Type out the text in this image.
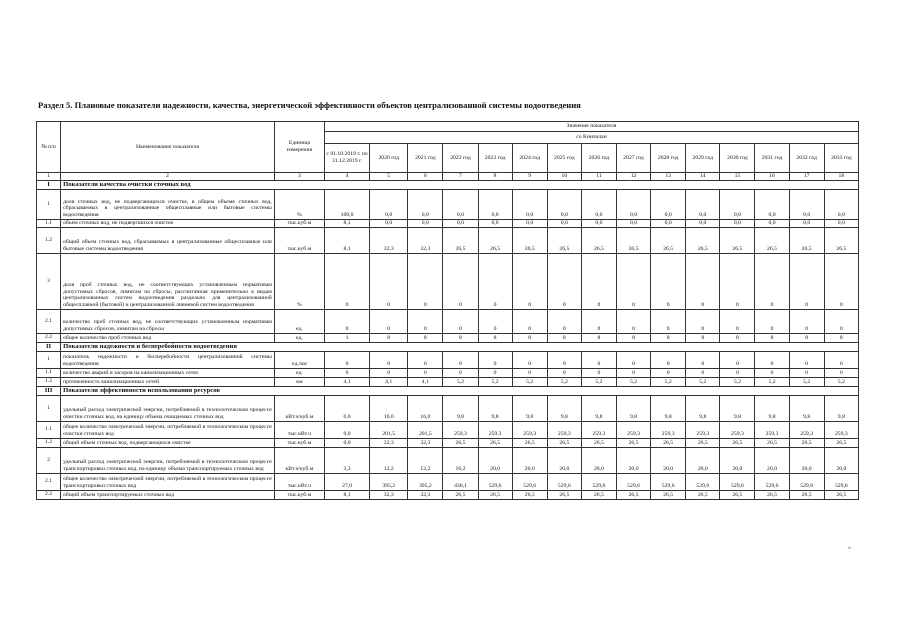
Раздел 5. Плановые показатели надежности, качества, энергетической эффективности объектов централизованной системы водоотведения
№ п/п	Наименование показателя	Единица измерения	Значение показателя														
			со Кинчалан														
			с 01.10.2019 г. по 31.12.2019 г.	2020 год	2021 год	2022 год	2023 год	2024 год	2025 год	2026 год	2027 год	2028 год	2029 год	2030 год	2031 год	2032 год	2033 год
1	2	3	4	5	6	7	8	9	10	11	12	13	14	15	16	17	18
I	Показатели качества очистки сточных вод																
1	доля сточных вод, не подвергающихся очистке, в общем объеме сточных вод, сбрасываемых в централизованные общесплавные или бытовые системы водоотведения	%	100,0	0,0	0,0	0,0	0,0	0,0	0,0	0,0	0,0	0,0	0,0	0,0	0,0	0,0	0,0
1.1	объем сточных вод, не подвергшихся очистке	тыс.куб.м	8,1	0,0	0,0	0,0	0,0	0,0	0,0	0,0	0,0	0,0	0,0	0,0	0,0	0,0	0,0
1.2	общий объем сточных вод, сбрасываемых в централизованные общесплавные или бытовые системы водоотведения	тыс.куб.м	8,1	32,3	32,3	26,5	26,5	26,5	26,5	26,5	26,5	26,5	26,5	26,5	26,5	26,5	26,5
3	доля проб сточных вод, не соответствующих установленным нормативам допустимых сбросов, лимитам на сбросы, рассчитанная применительно к видам централизованных систем водоотведения раздельно для централизованной общесплавной (бытовой) и централизованной ливневой систем водоотведения	%	0	0	0	0	0	0	0	0	0	0	0	0	0	0	0
2.1	количество проб сточных вод, не соответствующих установленным нормативам допустимых сбросов, лимитам на сбросы	ед.	0	0	0	0	0	0	0	0	0	0	0	0	0	0	0
2.2	общее количество проб сточных вод	ед.	1	8	8	8	8	8	8	8	8	8	8	8	8	8	8
II	Показатели надежности и бесперебойности водоотведения																
1	показатель надежности и бесперебойности централизованной системы водоотведения	ед./км	0	0	0	0	0	0	0	0	0	0	0	0	0	0	0
1.1	количество аварий и засоров на канализационных сетях	ед.	0	0	0	0	0	0	0	0	0	0	0	0	0	0	0
1.2	протяженность канализационных сетей	км	4,1	4,1	4,1	5,2	5,2	5,2	5,2	5,2	5,2	5,2	5,2	5,2	5,2	5,2	5,2
III	Показатели эффективности использования ресурсов																
1	удельный расход электрической энергии, потребляемой в технологическом процессе очистки сточных вод, на единицу объема очищаемых сточных вод	кВт.ч/куб.м	0,0	16,0	16,0	9,8	9,8	9,8	9,8	9,8	9,8	9,8	9,8	9,8	9,8	9,8	9,8
1.1	общее количество электрической энергии, потребляемой в технологическом процессе очистки сточных вод	тыс.кВт.ч	0,0	201,5	201,5	259,3	259,3	259,3	259,3	259,3	259,3	259,3	259,3	259,3	259,3	259,3	259,3
1.2	общий объем сточных вод, подвергающихся очистке	тыс.куб.м	0,0	32,3	32,3	26,5	26,5	26,5	26,5	26,5	26,5	26,5	26,5	26,5	26,5	26,5	26,5
2	удельный расход электрической энергии, потребляемой в технологическом процессе транспортировки сточных вод, на единицу объема транспортируемых сточных вод	кВт.ч/куб.м	3,3	12,2	12,2	16,2	20,0	20,0	20,0	20,0	20,0	20,0	20,0	20,0	20,0	20,0	20,0
2.1	общее количество электрической энергии, потребляемой в технологическом процессе транспортировки сточных вод	тыс.кВт.ч	27,0	395,2	395,2	430,1	529,6	529,6	529,6	529,6	529,6	529,6	529,6	529,6	529,6	529,6	529,6
2.2	общий объем транспортируемых сточных вод	тыс.куб.м	8,1	32,3	32,3	26,5	26,5	26,5	26,5	26,5	26,5	26,5	26,5	26,5	26,5	26,5	26,5
»
